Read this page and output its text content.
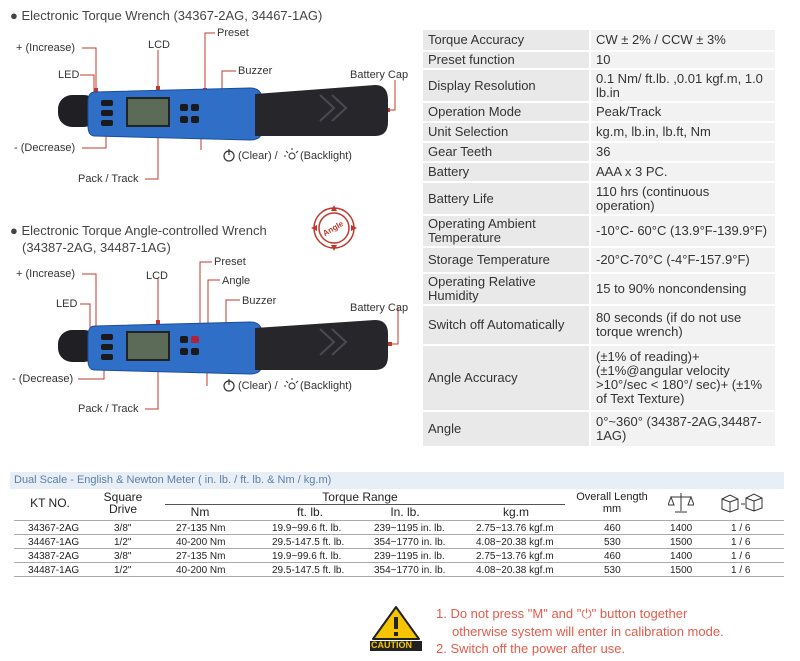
● Electronic Torque Wrench (34367-2AG, 34467-1AG)
+ (Increase)	LCD
Preset
LED	Buzzer	Battery Cap
- (Decrease)
(Clear) / (Backlight)
Pack / Track
● Electronic Torque Angle-controlled Wrench
(34387-2AG, 34487-1AG)
Angle
+ (Increase)	LCD
Preset
Angle
LED	Buzzer
Battery Cap
- (Decrease)
(Clear) / (Backlight)
Pack / Track
Torque Accuracy	CW ± 2% / CCW ± 3%
Preset function	10
Display Resolution	0.1 Nm/ ft.lb. ,0.01 kgf.m, 1.0 lb.in
Operation Mode	Peak/Track
Unit Selection	kg.m, lb.in, lb.ft, Nm
Gear Teeth	36
Battery	AAA x 3 PC.
Battery Life	110 hrs (continuous operation)
Operating Ambient Temperature	-10°C- 60°C (13.9°F-139.9°F)
Storage Temperature	-20°C-70°C (-4°F-157.9°F)
Operating Relative Humidity	15 to 90% noncondensing
Switch off Automatically	80 seconds (if do not use torque wrench)
Angle Accuracy	(±1% of reading)+(±1%@angular velocity >10°/sec < 180°/ sec)+ (±1% of Text Texture)
Angle	0°~360° (34387-2AG,34487-1AG)
Dual Scale - English & Newton Meter ( in. lb. / ft. lb. & Nm / kg.m)
KT NO.	Square Drive
Torque Range
Nm	ft. lb.	In. lb.	kg.m
Overall Length mm
34367-2AG	3/8"	27-135 Nm	19.9~99.6 ft. lb.	239~1195 in. lb.	2.75~13.76 kgf.m	460	1400	1 / 6
34467-1AG	1/2"	40-200 Nm	29.5-147.5 ft. lb.	354~1770 in. lb.	4.08~20.38 kgf.m	530	1500	1 / 6
34387-2AG	3/8"	27-135 Nm	19.9~99.6 ft. lb.	239~1195 in. lb.	2.75~13.76 kgf.m	460	1400	1 / 6
34487-1AG	1/2"	40-200 Nm	29.5-147.5 ft. lb.	354~1770 in. lb.	4.08~20.38 kgf.m	530	1500	1 / 6
CAUTION
1. Do not press "M" and "⏻" button together
otherwise system will enter in calibration mode.
2. Switch off the power after use.
